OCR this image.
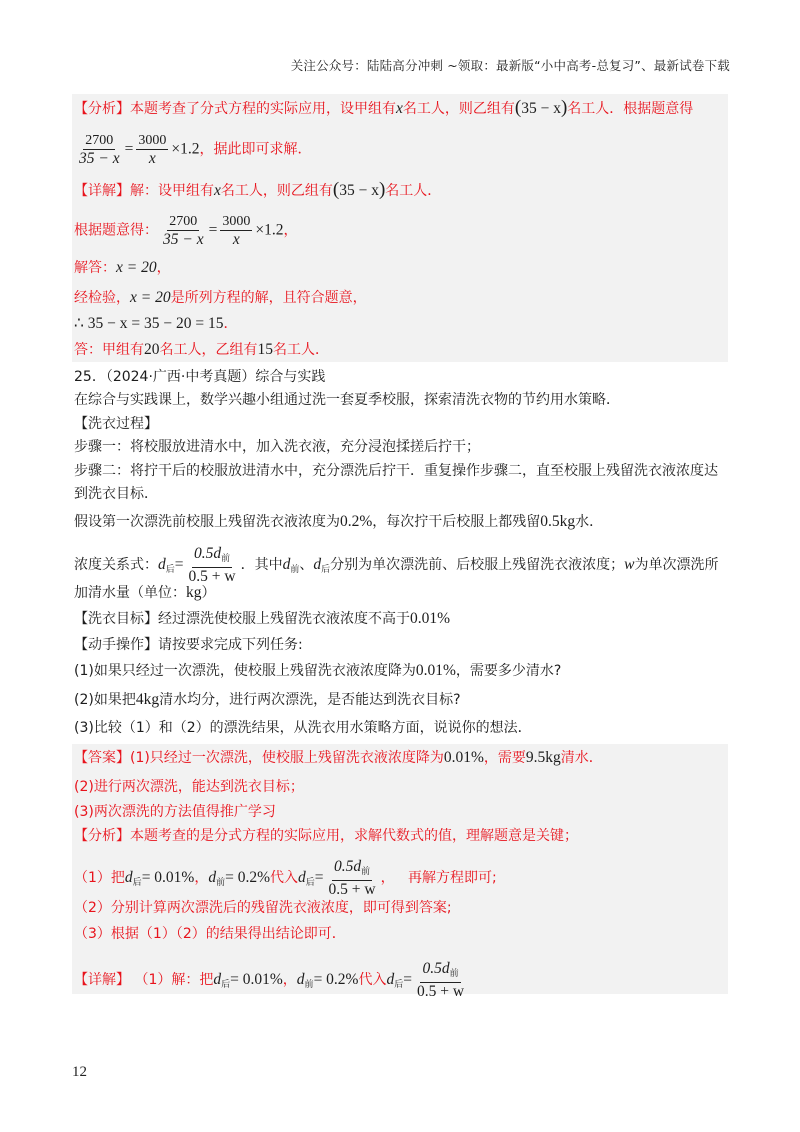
关注公众号：陆陆高分冲刺 ~领取：最新版“小中高考-总复习”、最新试卷下载
【分析】本题考查了分式方程的实际应用，设甲组有x名工人，则乙组有(35 − x)名工人．根据题意得
$\frac{2700}{35 - x} = \frac{3000}{x} \times 1.2$，据此即可求解．
【详解】解：设甲组有x名工人，则乙组有(35 − x)名工人．
根据题意得： $\frac{2700}{35 - x} = \frac{3000}{x} \times 1.2$，
解答：x = 20，
经检验，x = 20是所列方程的解，且符合题意，
∴ 35 − x = 35 − 20 = 15．
答：甲组有20名工人，乙组有15名工人．
25．（2024·广西·中考真题）综合与实践
在综合与实践课上，数学兴趣小组通过洗一套夏季校服，探索清洗衣物的节约用水策略．
【洗衣过程】
步骤一：将校服放进清水中，加入洗衣液，充分浸泡揉搓后拧干；
步骤二：将拧干后的校服放进清水中，充分漂洗后拧干．重复操作步骤二，直至校服上残留洗衣液浓度达
到洗衣目标．
假设第一次漂洗前校服上残留洗衣液浓度为0.2%，每次拧干后校服上都残留0.5kg水．
浓度关系式：$d_后= \frac{0.5d_前}{0.5 + w}$ ．其中$d_前$、$d_后$分别为单次漂洗前、后校服上残留洗衣液浓度；w为单次漂洗所
加清水量（单位：kg）
【洗衣目标】经过漂洗使校服上残留洗衣液浓度不高于0.01%
【动手操作】请按要求完成下列任务:
(1)如果只经过一次漂洗，使校服上残留洗衣液浓度降为0.01%，需要多少清水?
(2)如果把4kg清水均分，进行两次漂洗，是否能达到洗衣目标?
(3)比较（1）和（2）的漂洗结果，从洗衣用水策略方面，说说你的想法．
【答案】(1)只经过一次漂洗，使校服上残留洗衣液浓度降为0.01%，需要9.5kg清水．
(2)进行两次漂洗，能达到洗衣目标；
(3)两次漂洗的方法值得推广学习
【分析】本题考查的是分式方程的实际应用，求解代数式的值，理解题意是关键；
（1）把$d_后= 0.01\%$，$d_前= 0.2\%$代入$d_后= \frac{0.5d_前}{0.5 + w}$ ， 再解方程即可;
（2）分别计算两次漂洗后的残留洗衣液浓度，即可得到答案;
（3）根据（1）（2）的结果得出结论即可．
【详解】 （1）解：把$d_后= 0.01\%$，$d_前= 0.2\%$代入$d_后= \frac{0.5d_前}{0.5 + w}$
12
